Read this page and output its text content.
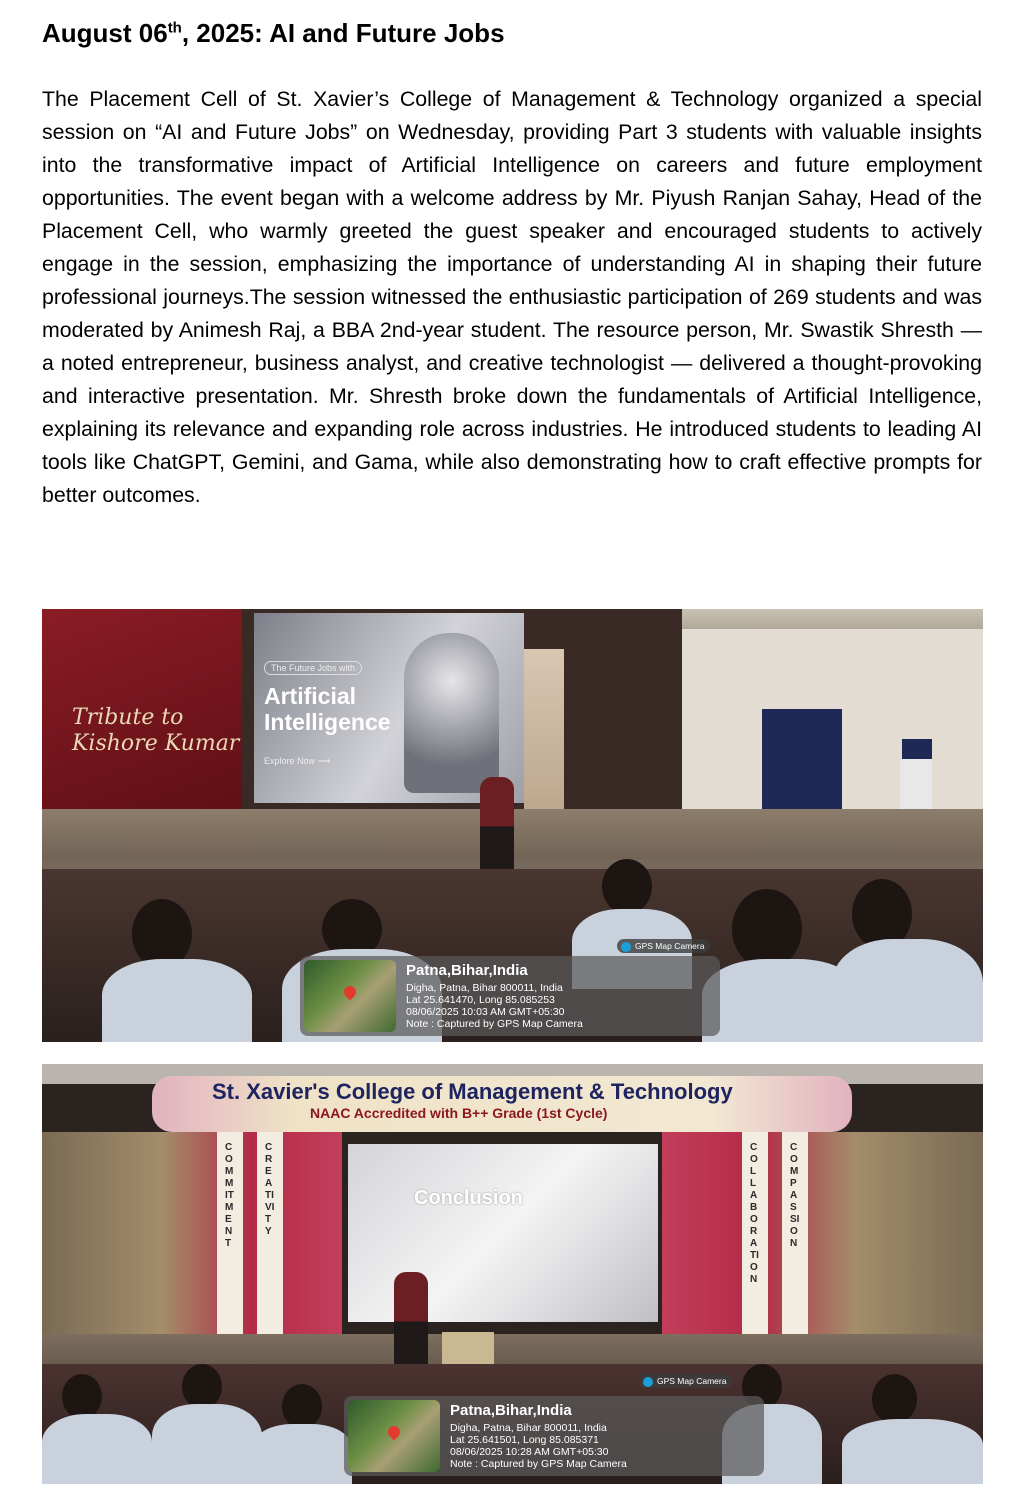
August 06th, 2025: AI and Future Jobs

The Placement Cell of St. Xavier’s College of Management & Technology organized a special session on “AI and Future Jobs” on Wednesday, providing Part 3 students with valuable insights into the transformative impact of Artificial Intelligence on careers and future employment opportunities. The event began with a welcome address by Mr. Piyush Ranjan Sahay, Head of the Placement Cell, who warmly greeted the guest speaker and encouraged students to actively engage in the session, emphasizing the importance of understanding AI in shaping their future professional journeys.The session witnessed the enthusiastic participation of 269 students and was moderated by Animesh Raj, a BBA 2nd-year student. The resource person, Mr. Swastik Shresth — a noted entrepreneur, business analyst, and creative technologist — delivered a thought-provoking and interactive presentation. Mr. Shresth broke down the fundamentals of Artificial Intelligence, explaining its relevance and expanding role across industries. He introduced students to leading AI tools like ChatGPT, Gemini, and Gama, while also demonstrating how to craft effective prompts for better outcomes.

Tribute to
Kishore Kumar
The Future Jobs with
Artificial
Intelligence
Explore Now ⟶
GPS Map Camera
Patna,Bihar,India
Digha, Patna, Bihar 800011, India
Lat 25.641470, Long 85.085253
08/06/2025 10:03 AM GMT+05:30
Note : Captured by GPS Map Camera
St. Xavier's College of Management & Technology
NAAC Accredited with B++ Grade (1st Cycle)
COMMITMENT
CREATIVITY
COLLABORATION
COMPASSION
Conclusion
GPS Map Camera
Patna,Bihar,India
Digha, Patna, Bihar 800011, India
Lat 25.641501, Long 85.085371
08/06/2025 10:28 AM GMT+05:30
Note : Captured by GPS Map Camera
